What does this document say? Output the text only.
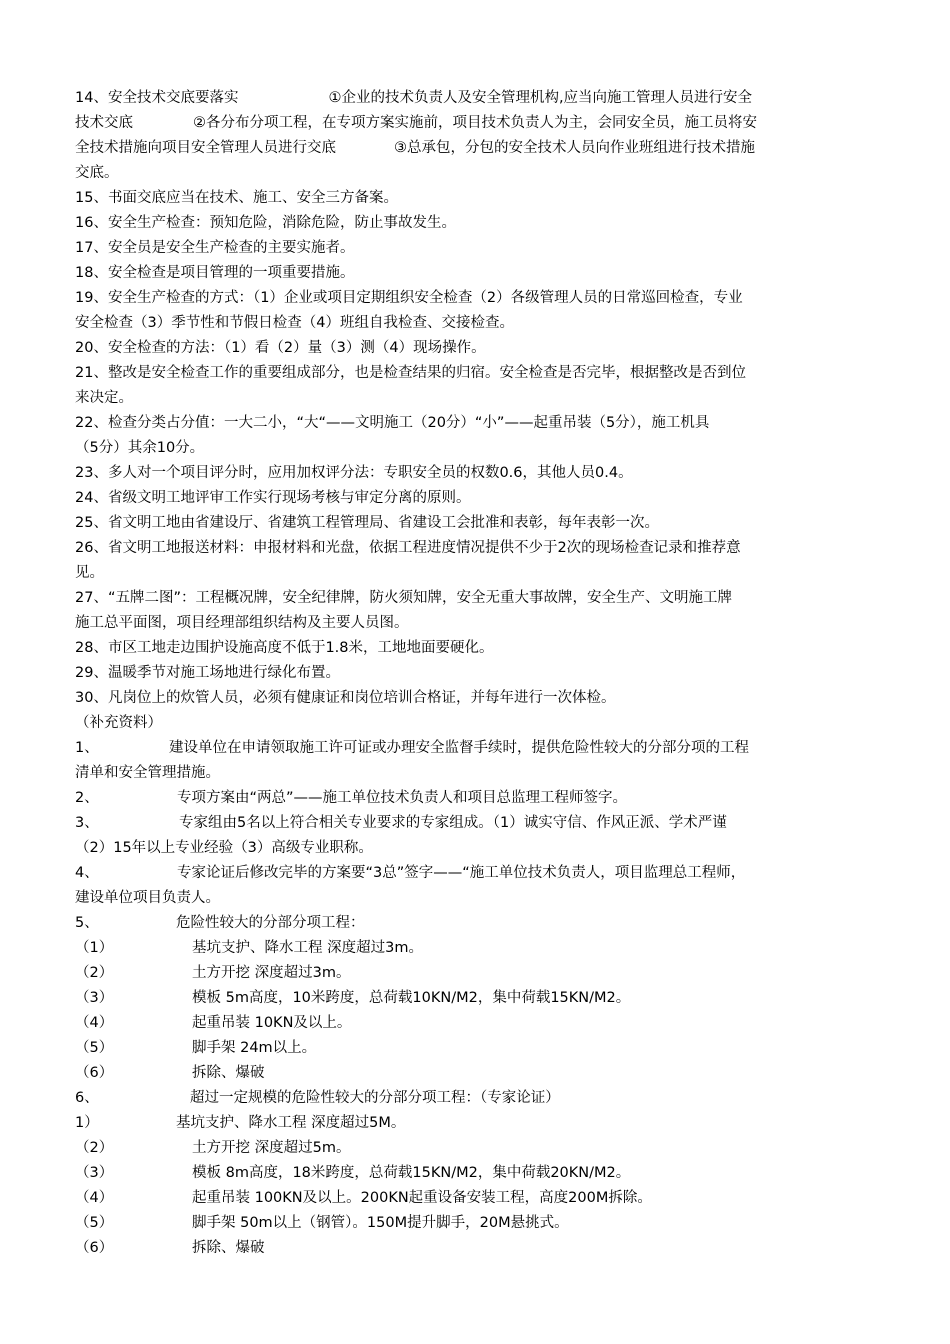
14、安全技术交底要落实	①企业的技术负责人及安全管理机构,应当向施工管理人员进行安全
技术交底	②各分布分项工程，在专项方案实施前，项目技术负责人为主，会同安全员，施工员将安
全技术措施向项目安全管理人员进行交底	③总承包，分包的安全技术人员向作业班组进行技术措施
交底。
15、书面交底应当在技术、施工、安全三方备案。
16、安全生产检查：预知危险，消除危险，防止事故发生。
17、安全员是安全生产检查的主要实施者。
18、安全检查是项目管理的一项重要措施。
19、安全生产检查的方式：（1）企业或项目定期组织安全检查（2）各级管理人员的日常巡回检查，专业
安全检查（3）季节性和节假日检查（4）班组自我检查、交接检查。
20、安全检查的方法：（1）看（2）量（3）测（4）现场操作。
21、整改是安全检查工作的重要组成部分，也是检查结果的归宿。安全检查是否完毕，根据整改是否到位
来决定。
22、检查分类占分值：一大二小，“大“——文明施工（20分）“小”——起重吊装（5分），施工机具
（5分）其余10分。
23、多人对一个项目评分时，应用加权评分法：专职安全员的权数0.6，其他人员0.4。
24、省级文明工地评审工作实行现场考核与审定分离的原则。
25、省文明工地由省建设厅、省建筑工程管理局、省建设工会批准和表彰，每年表彰一次。
26、省文明工地报送材料：申报材料和光盘，依据工程进度情况提供不少于2次的现场检查记录和推荐意
见。
27、“五牌二图”：工程概况牌，安全纪律牌，防火须知牌，安全无重大事故牌，安全生产、文明施工牌
施工总平面图，项目经理部组织结构及主要人员图。
28、市区工地走边围护设施高度不低于1.8米，工地地面要硬化。
29、温暖季节对施工场地进行绿化布置。
30、凡岗位上的炊管人员，必须有健康证和岗位培训合格证，并每年进行一次体检。
（补充资料）
1、	建设单位在申请领取施工许可证或办理安全监督手续时，提供危险性较大的分部分项的工程
清单和安全管理措施。
2、	专项方案由“两总”——施工单位技术负责人和项目总监理工程师签字。
3、	专家组由5名以上符合相关专业要求的专家组成。（1）诚实守信、作风正派、学术严谨
（2）15年以上专业经验（3）高级专业职称。
4、	专家论证后修改完毕的方案要“3总”签字——“施工单位技术负责人，项目监理总工程师，
建设单位项目负责人。
5、	危险性较大的分部分项工程：
（1）	基坑支护、降水工程 深度超过3m。
（2）	土方开挖 深度超过3m。
（3）	模板 5m高度，10米跨度，总荷载10KN/M2，集中荷载15KN/M2。
（4）	起重吊装 10KN及以上。
（5）	脚手架 24m以上。
（6）	拆除、爆破
6、	超过一定规模的危险性较大的分部分项工程：（专家论证）
1）	基坑支护、降水工程 深度超过5M。
（2）	土方开挖 深度超过5m。
（3）	模板 8m高度，18米跨度，总荷载15KN/M2，集中荷载20KN/M2。
（4）	起重吊装 100KN及以上。200KN起重设备安装工程，高度200M拆除。
（5）	脚手架 50m以上（钢管）。150M提升脚手，20M悬挑式。
（6）	拆除、爆破
